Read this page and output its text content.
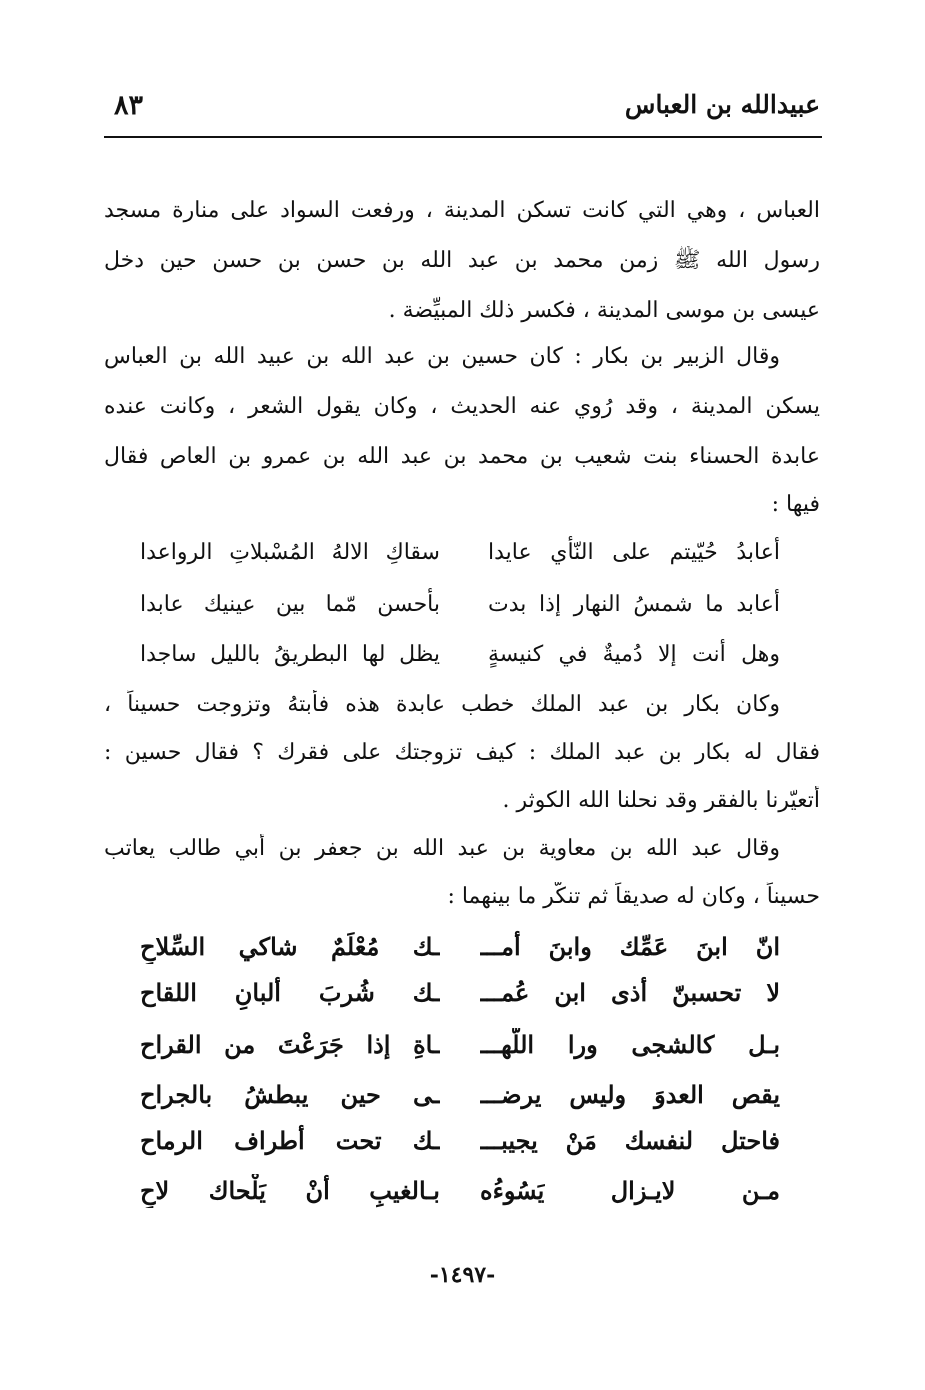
٨٣	عبيدالله بن العباس
العباس ، وهي التي كانت تسكن المدينة ، ورفعت السواد على منارة مسجد
رسول الله ﷺ زمن محمد بن عبد الله بن حسن بن حسن حين دخل
عيسى بن موسى المدينة ، فكسر ذلك المبيِّضة .
وقال الزبير بن بكار : كان حسين بن عبد الله بن عبيد الله بن العباس
يسكن المدينة ، وقد رُوي عنه الحديث ، وكان يقول الشعر ، وكانت عنده
عابدة الحسناء بنت شعيب بن محمد بن عبد الله بن عمرو بن العاص فقال
فيها :
أعابدُ حُيّيتم على النّأي عايدا
سقاكِ الالهُ المُسْبلاتِ الرواعدا
أعابد ما شمسُ النهار إذا بدت
بأحسن مّما بين عينيك عابدا
وهل أنت إلا دُميةٌ في كنيسةٍ
يظل لها البطريقُ بالليل ساجدا
وكان بكار بن عبد الملك خطب عابدة هذه فأبتهُ وتزوجت حسيناً ،
فقال له بكار بن عبد الملك : كيف تزوجتك على فقرك ؟ فقال حسين :
أتعيّرنا بالفقر وقد نحلنا الله الكوثر .
وقال عبد الله بن معاوية بن عبد الله بن جعفر بن أبي طالب يعاتب
حسيناً ، وكان له صديقاً ثم تنكّر ما بينهما :
انّ ابنَ عَمِّك وابنَ أمـــ
ـك مُعْلَمٌ شاكي السِّلاحِ
لا تحسبنّ أذى ابن عُمـــ
ـك شُربَ ألبانِ اللقاح
بـل كالشجى ورا اللّهـــ
ـاةِ إذا جَرَعْتَ من القراح
يقص العدوَ وليس يرضـــ
ـى حين يبطشُ بالجراح
فاحتل لنفسك مَنْ يجيبـــ
ـك تحت أطراف الرماح
مـن لايـزال يَسُوءُه
بـالغيبِ أنْ يَلْحاك لاحِ
-١٤٩٧-
